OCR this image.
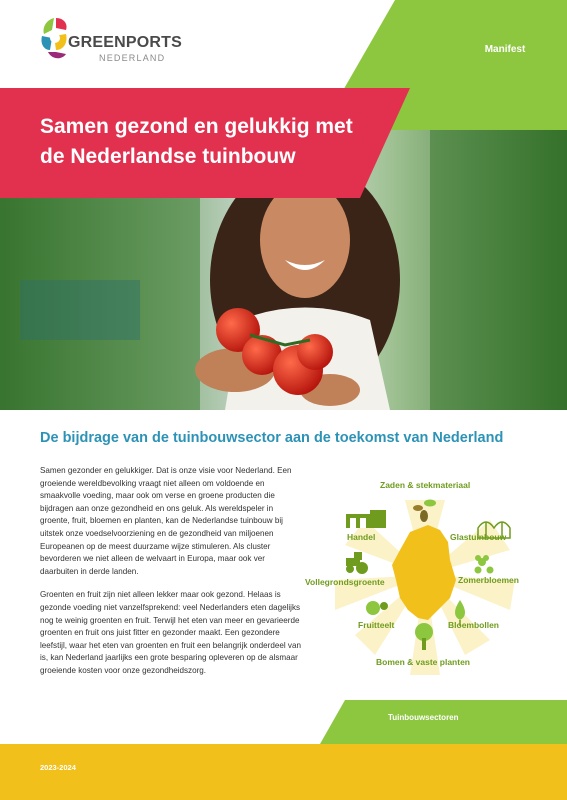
Manifest
GREENPORTS
NEDERLAND
Samen gezond en gelukkig met
de Nederlandse tuinbouw
De bijdrage van de tuinbouwsector aan de toekomst van Nederland

Samen gezonder en gelukkiger. Dat is onze visie voor Nederland. Een groeiende wereldbevolking vraagt niet alleen om voldoende en smaakvolle voeding, maar ook om verse en groene producten die bijdragen aan onze gezondheid en ons geluk. Als wereldspeler in groente, fruit, bloemen en planten, kan de Nederlandse tuinbouw bij uitstek onze voedselvoorziening en de gezondheid van miljoenen Europeanen op de meest duurzame wijze stimuleren. Als cluster bevorderen we niet alleen de welvaart in Europa, maar ook ver daarbuiten in derde landen.

Groenten en fruit zijn niet alleen lekker maar ook gezond. Helaas is gezonde voeding niet vanzelfsprekend: veel Nederlanders eten dagelijks nog te weinig groenten en fruit. Terwijl het eten van meer en gevarieerde groenten en fruit ons juist fitter en gezonder maakt. Een gezondere leefstijl, waar het eten van groenten en fruit een belangrijk onderdeel van is, kan Nederland jaarlijks een grote besparing opleveren op de alsmaar groeiende kosten voor onze gezondheidszorg.

Zaden & stekmateriaal
Glastuinbouw
Zomerbloemen
Bloembollen
Bomen & vaste planten
Fruitteelt
Vollegrondsgroente
Handel
Tuinbouwsectoren
2023-2024
